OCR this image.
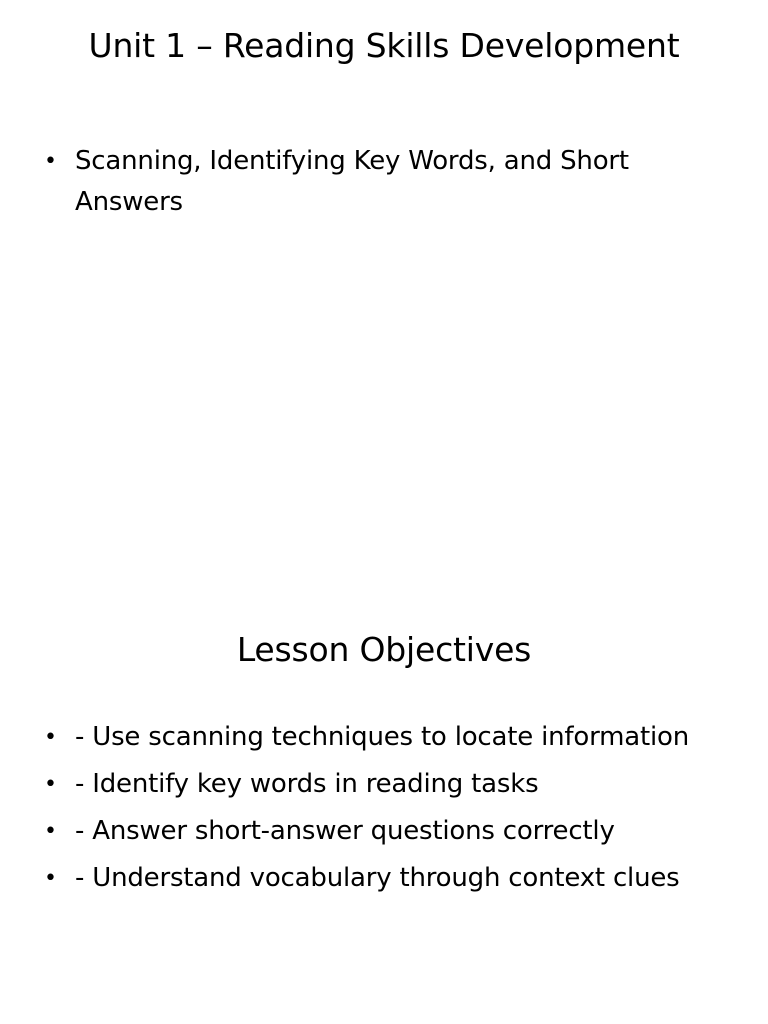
Unit 1 – Reading Skills Development
• Scanning, Identifying Key Words, and Short Answers
Lesson Objectives
• - Use scanning techniques to locate information
• - Identify key words in reading tasks
• - Answer short-answer questions correctly
• - Understand vocabulary through context clues
